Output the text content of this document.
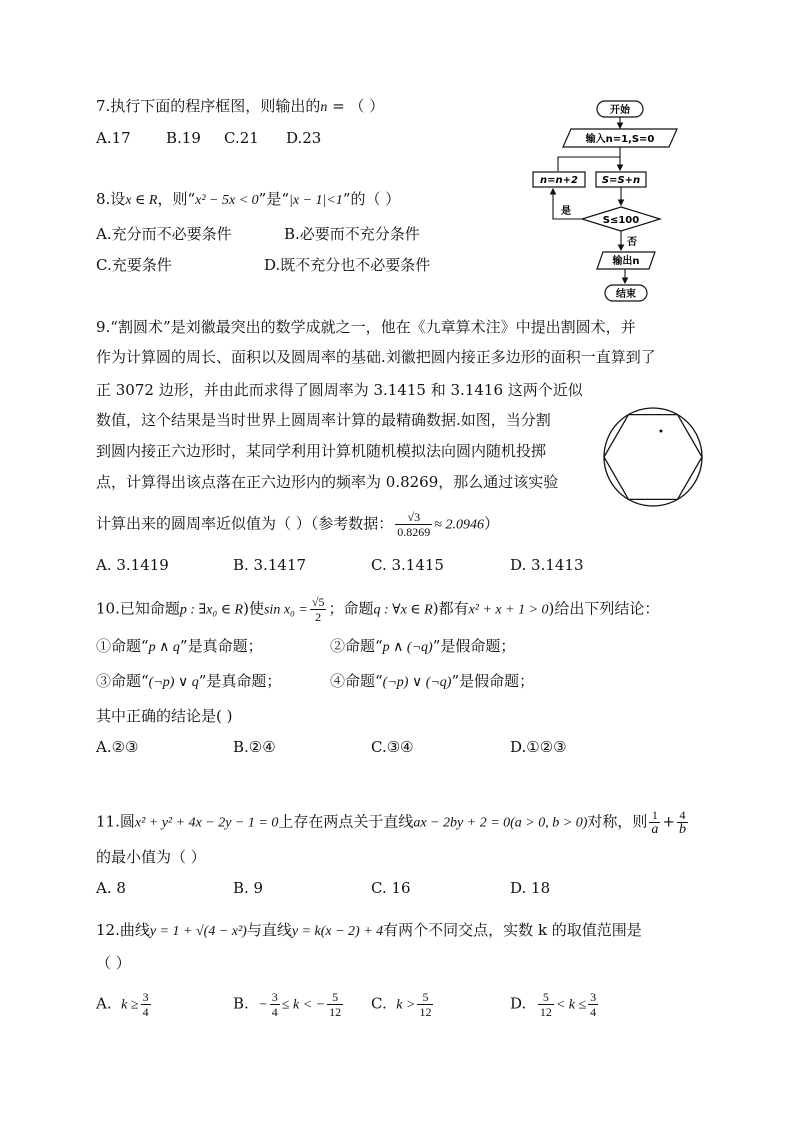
7.执行下面的程序框图，则输出的n = （ ）
A.17 B.19 C.21 D.23
开始
输入n=1,S=0
n=n+2 S=S+n
S≤100
是
否
输出n
结束
8.设x ∈ R，则“x² − 5x < 0”是“|x − 1|<1”的（ ）
A.充分而不必要条件	B.必要而不充分条件
C.充要条件	D.既不充分也不必要条件
9.“割圆术”是刘徽最突出的数学成就之一，他在《九章算术注》中提出割圆术，并
作为计算圆的周长、面积以及圆周率的基础.刘徽把圆内接正多边形的面积一直算到了
正 3072 边形，并由此而求得了圆周率为 3.1415 和 3.1416 这两个近似
数值，这个结果是当时世界上圆周率计算的最精确数据.如图，当分割
到圆内接正六边形时，某同学利用计算机随机模拟法向圆内随机投掷
点，计算得出该点落在正六边形内的频率为 0.8269，那么通过该实验
计算出来的圆周率近似值为（ ）（参考数据： $\frac{√3}{0.8269} \approx 2.0946$）
A. 3.1419	B. 3.1417	C. 3.1415	D. 3.1413
10.已知命题p : ∃x₀ ∈ R)使$\sin x_0 = \frac{√5}{2}$ ；命题q : ∀x ∈ R)都有x² + x + 1 > 0)给出下列结论：
①命题“p ∧ q”是真命题；	②命题“p ∧ (¬q)”是假命题；
③命题“(¬p) ∨ q”是真命题；	④命题“(¬p) ∨ (¬q)”是假命题；
其中正确的结论是( )
A.②③	B.②④	C.③④	D.①②③
11.圆x² + y² + 4x − 2y − 1 = 0上存在两点关于直线ax − 2by + 2 = 0(a > 0, b > 0)对称，则 $\frac{1}{a} + \frac{4}{b}$
的最小值为（ ）
A. 8	B. 9	C. 16	D. 18
12.曲线y = 1 + √(4 − x²)与直线y = k(x − 2) + 4有两个不同交点，实数 k 的取值范围是
（ ）
A. $k \ge \frac{3}{4}$	B. − $\frac{3}{4} \le k$ < − $\frac{5}{12} C$. $k > \frac{5}{12}$	D. $\frac{5}{12} < k \le \frac{3}{4}$
